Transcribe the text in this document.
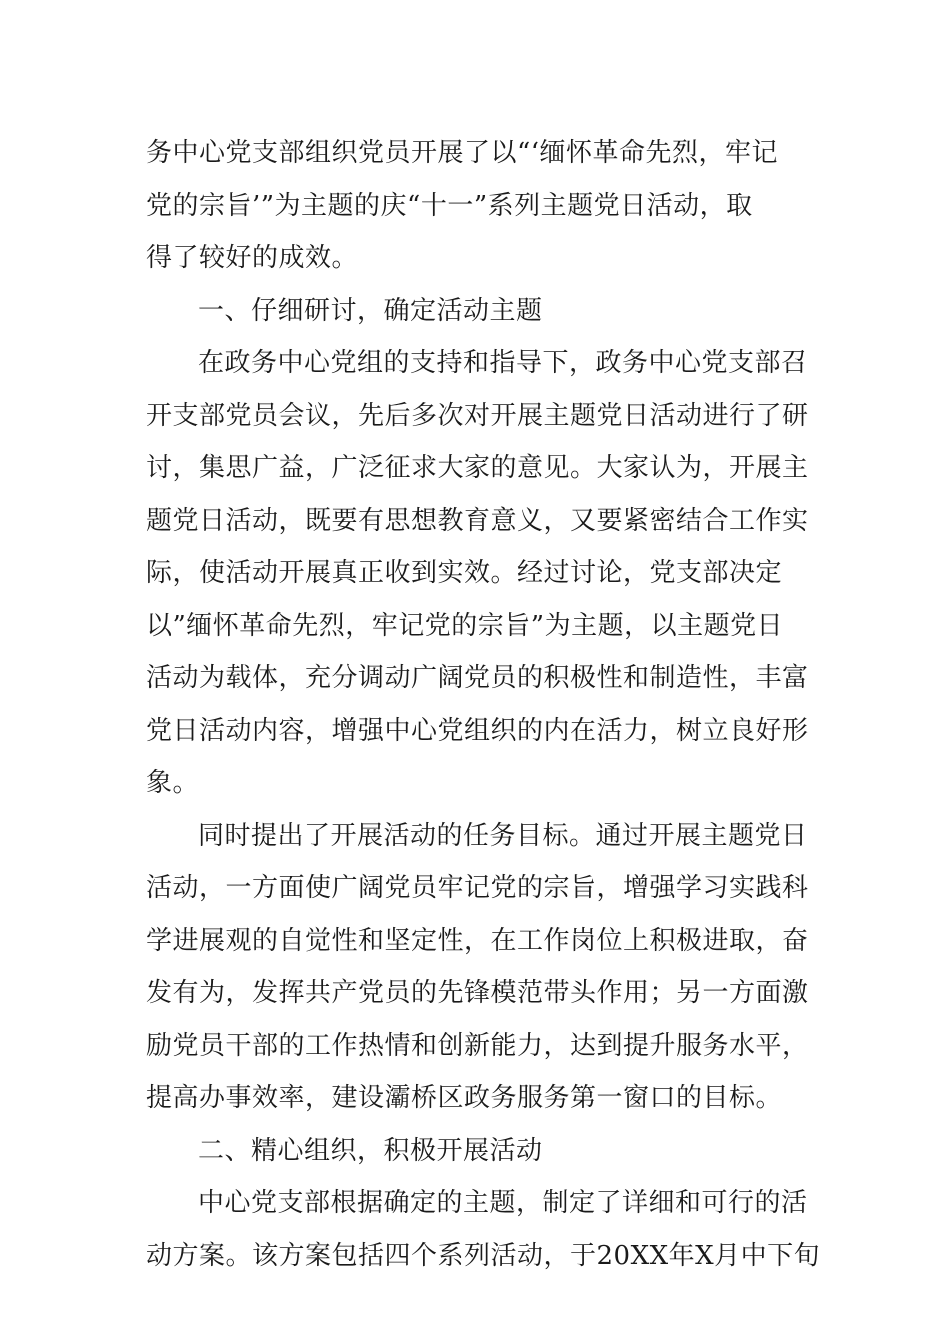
务中心党支部组织党员开展了以“‘缅怀革命先烈，牢记
党的宗旨’”为主题的庆“十一”系列主题党日活动，取
得了较好的成效。
一、仔细研讨，确定活动主题
在政务中心党组的支持和指导下，政务中心党支部召
开支部党员会议，先后多次对开展主题党日活动进行了研
讨，集思广益，广泛征求大家的意见。大家认为，开展主
题党日活动，既要有思想教育意义，又要紧密结合工作实
际，使活动开展真正收到实效。经过讨论，党支部决定
以”缅怀革命先烈，牢记党的宗旨”为主题，以主题党日
活动为载体，充分调动广阔党员的积极性和制造性，丰富
党日活动内容，增强中心党组织的内在活力，树立良好形
象。
同时提出了开展活动的任务目标。通过开展主题党日
活动，一方面使广阔党员牢记党的宗旨，增强学习实践科
学进展观的自觉性和坚定性，在工作岗位上积极进取，奋
发有为，发挥共产党员的先锋模范带头作用；另一方面激
励党员干部的工作热情和创新能力，达到提升服务水平，
提高办事效率，建设灞桥区政务服务第一窗口的目标。
二、精心组织，积极开展活动
中心党支部根据确定的主题，制定了详细和可行的活
动方案。该方案包括四个系列活动，于20XX年X月中下旬
